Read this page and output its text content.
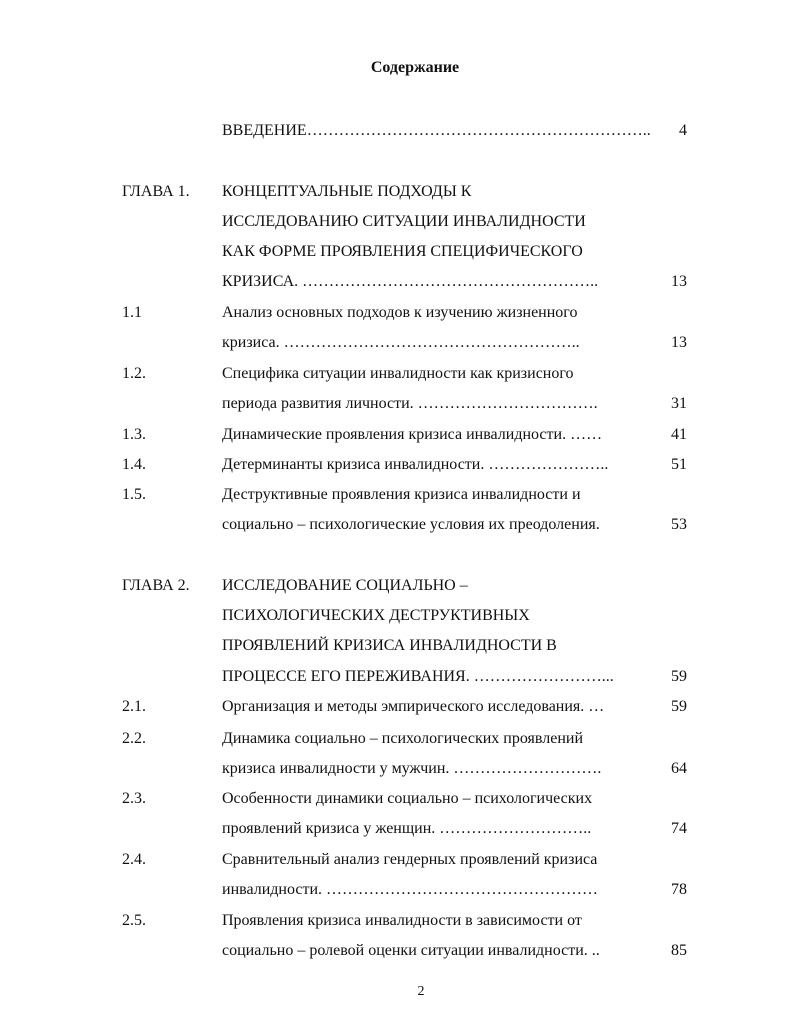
Содержание
ВВЕДЕНИЕ………………………………………………………..	4
ГЛАВА 1. КОНЦЕПТУАЛЬНЫЕ ПОДХОДЫ К
ИССЛЕДОВАНИЮ СИТУАЦИИ ИНВАЛИДНОСТИ
КАК ФОРМЕ ПРОЯВЛЕНИЯ СПЕЦИФИЧЕСКОГО
КРИЗИСА. ………………………………………………..	13
1.1	Анализ основных подходов к изучению жизненного
кризиса. ………………………………………………..	13
1.2.	Специфика ситуации инвалидности как кризисного
периода развития личности. …………………………….	31
1.3.	Динамические проявления кризиса инвалидности. ……	41
1.4.	Детерминанты кризиса инвалидности. …………………..	51
1.5.	Деструктивные проявления кризиса инвалидности и
социально – психологические условия их преодоления.	53
ГЛАВА 2. ИССЛЕДОВАНИЕ СОЦИАЛЬНО –
ПСИХОЛОГИЧЕСКИХ ДЕСТРУКТИВНЫХ
ПРОЯВЛЕНИЙ КРИЗИСА ИНВАЛИДНОСТИ В
ПРОЦЕССЕ ЕГО ПЕРЕЖИВАНИЯ. ……………………...	59
2.1.	Организация и методы эмпирического исследования. …	59
2.2.	Динамика социально – психологических проявлений
кризиса инвалидности у мужчин. ……………………….	64
2.3.	Особенности динамики социально – психологических
проявлений кризиса у женщин. ………………………..	74
2.4.	Сравнительный анализ гендерных проявлений кризиса
инвалидности. ……………………………………………	78
2.5.	Проявления кризиса инвалидности в зависимости от
социально – ролевой оценки ситуации инвалидности. ..	85
2
